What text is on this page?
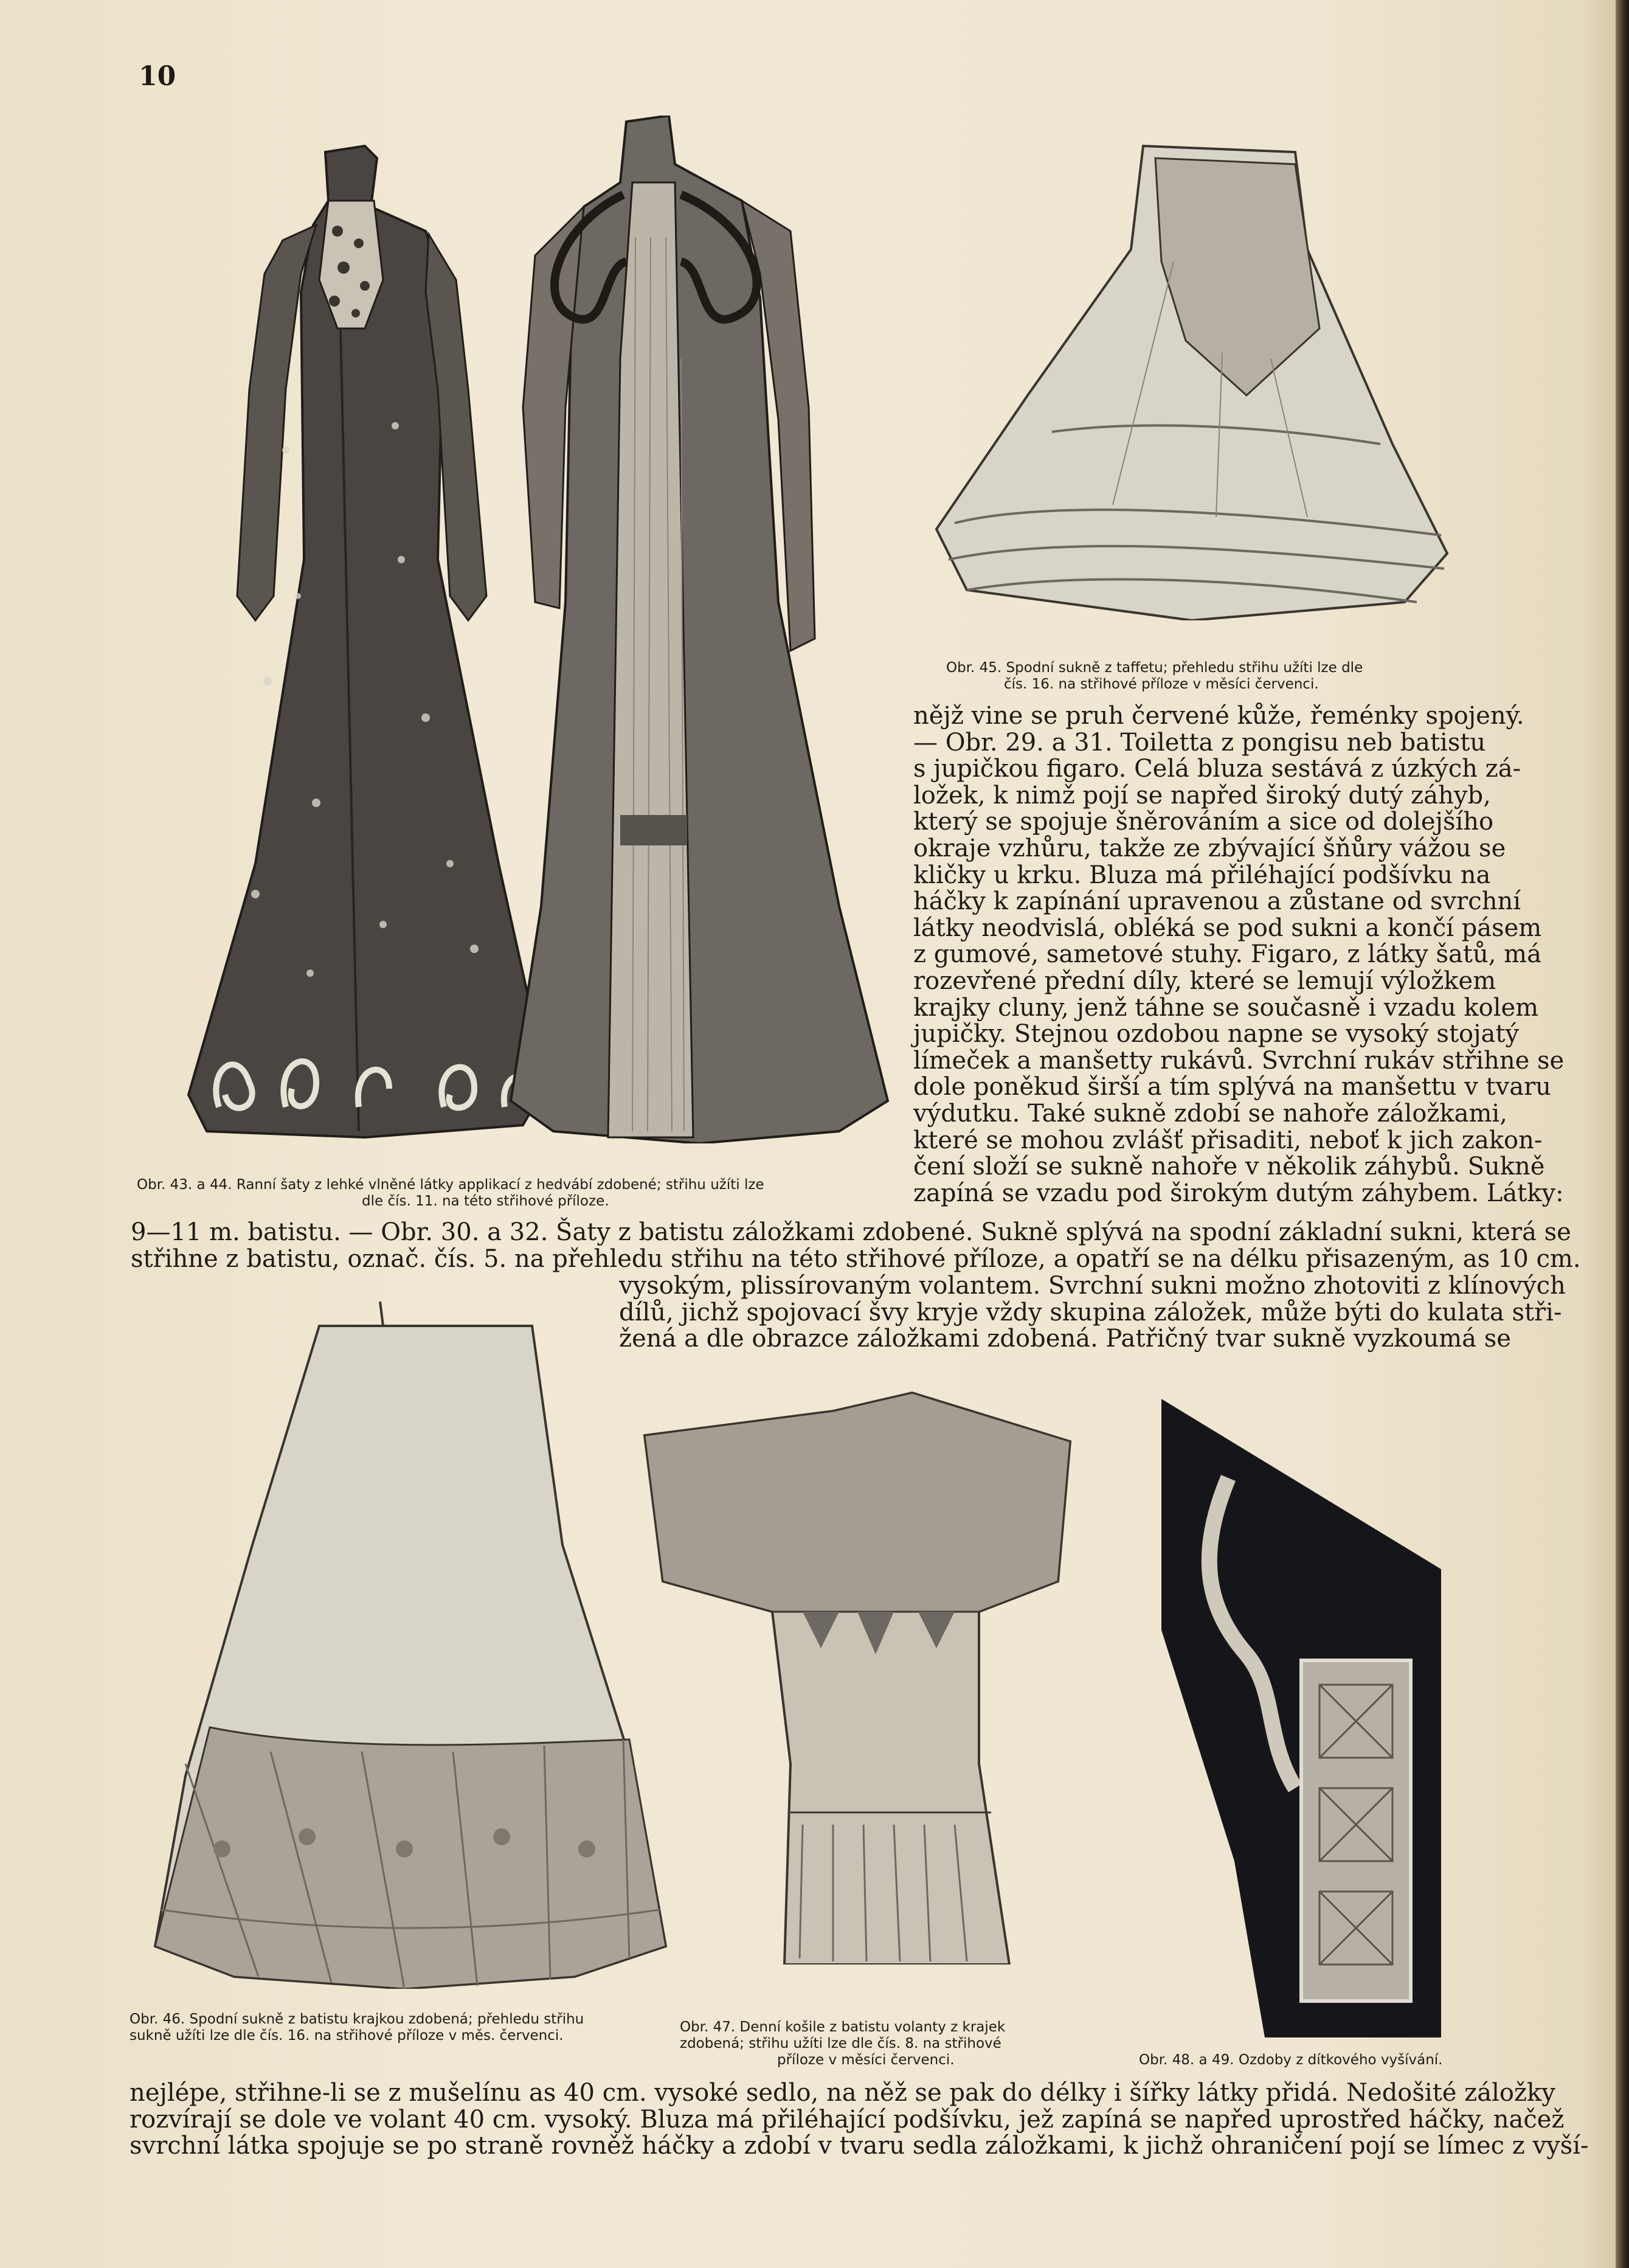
10
Obr. 45. Spodní sukně z taffetu; přehledu střihu užíti lze dle
čís. 16. na střihové příloze v měsíci červenci.
nějž vine se pruh červené kůže, řeménky spojený.
— Obr. 29. a 31. Toiletta z pongisu neb batistu
s jupičkou figaro. Celá bluza sestává z úzkých zá-
ložek, k nimž pojí se napřed široký dutý záhyb,
který se spojuje šněrováním a sice od dolejšího
okraje vzhůru, takže ze zbývající šňůry vážou se
kličky u krku. Bluza má přiléhající podšívku na
háčky k zapínání upravenou a zůstane od svrchní
látky neodvislá, obléká se pod sukni a končí pásem
z gumové, sametové stuhy. Figaro, z látky šatů, má
rozevřené přední díly, které se lemují výložkem
krajky cluny, jenž táhne se současně i vzadu kolem
jupičky. Stejnou ozdobou napne se vysoký stojatý
límeček a manšetty rukávů. Svrchní rukáv střihne se
dole poněkud širší a tím splývá na manšettu v tvaru
výdutku. Také sukně zdobí se nahoře záložkami,
které se mohou zvlášť přisaditi, neboť k jich zakon-
čení složí se sukně nahoře v několik záhybů. Sukně
zapíná se vzadu pod širokým dutým záhybem. Látky:
Obr. 43. a 44. Ranní šaty z lehké vlněné látky applikací z hedvábí zdobené; střihu užíti lze
dle čís. 11. na této střihové příloze.
9—11 m. batistu. — Obr. 30. a 32. Šaty z batistu záložkami zdobené. Sukně splývá na spodní základní sukni, která se
střihne z batistu, označ. čís. 5. na přehledu střihu na této střihové příloze, a opatří se na délku přisazeným, as 10 cm.
vysokým, plissírovaným volantem. Svrchní sukni možno zhotoviti z klínových
dílů, jichž spojovací švy kryje vždy skupina záložek, může býti do kulata stři-
žená a dle obrazce záložkami zdobená. Patřičný tvar sukně vyzkoumá se
Obr. 46. Spodní sukně z batistu krajkou zdobená; přehledu střihu
sukně užíti lze dle čís. 16. na střihové příloze v měs. červenci.
Obr. 47. Denní košile z batistu volanty z krajek
zdobená; střihu užíti lze dle čís. 8. na střihové
příloze v měsíci červenci.	Obr. 48. a 49. Ozdoby z dítkového vyšívání.
nejlépe, střihne-li se z mušelínu as 40 cm. vysoké sedlo, na něž se pak do délky i šířky látky přidá. Nedošité záložky
rozvírají se dole ve volant 40 cm. vysoký. Bluza má přiléhající podšívku, jež zapíná se napřed uprostřed háčky, načež
svrchní látka spojuje se po straně rovněž háčky a zdobí v tvaru sedla záložkami, k jichž ohraničení pojí se límec z vyší-
